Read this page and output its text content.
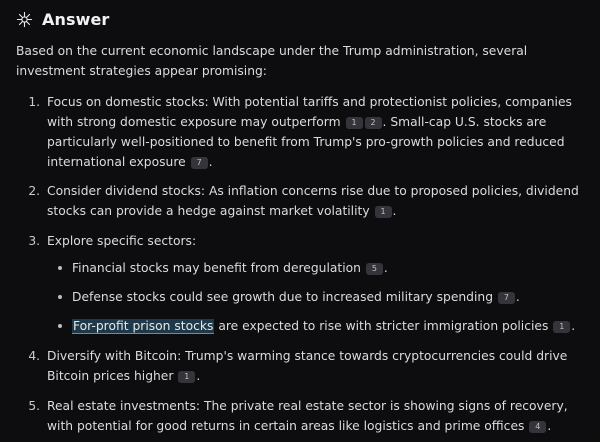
Answer

Based on the current economic landscape under the Trump administration, several investment strategies appear promising:

1. Focus on domestic stocks: With potential tariffs and protectionist policies, companies with strong domestic exposure may outperform 1 2 . Small-cap U.S. stocks are particularly well-positioned to benefit from Trump's pro-growth policies and reduced international exposure 7 .
2. Consider dividend stocks: As inflation concerns rise due to proposed policies, dividend stocks can provide a hedge against market volatility 1 .
3. Explore specific sectors:
Financial stocks may benefit from deregulation 5 .
Defense stocks could see growth due to increased military spending 7 .
For-profit prison stocks are expected to rise with stricter immigration policies 1 .
4. Diversify with Bitcoin: Trump's warming stance towards cryptocurrencies could drive Bitcoin prices higher 1 .
5. Real estate investments: The private real estate sector is showing signs of recovery, with potential for good returns in certain areas like logistics and prime offices 4 .
